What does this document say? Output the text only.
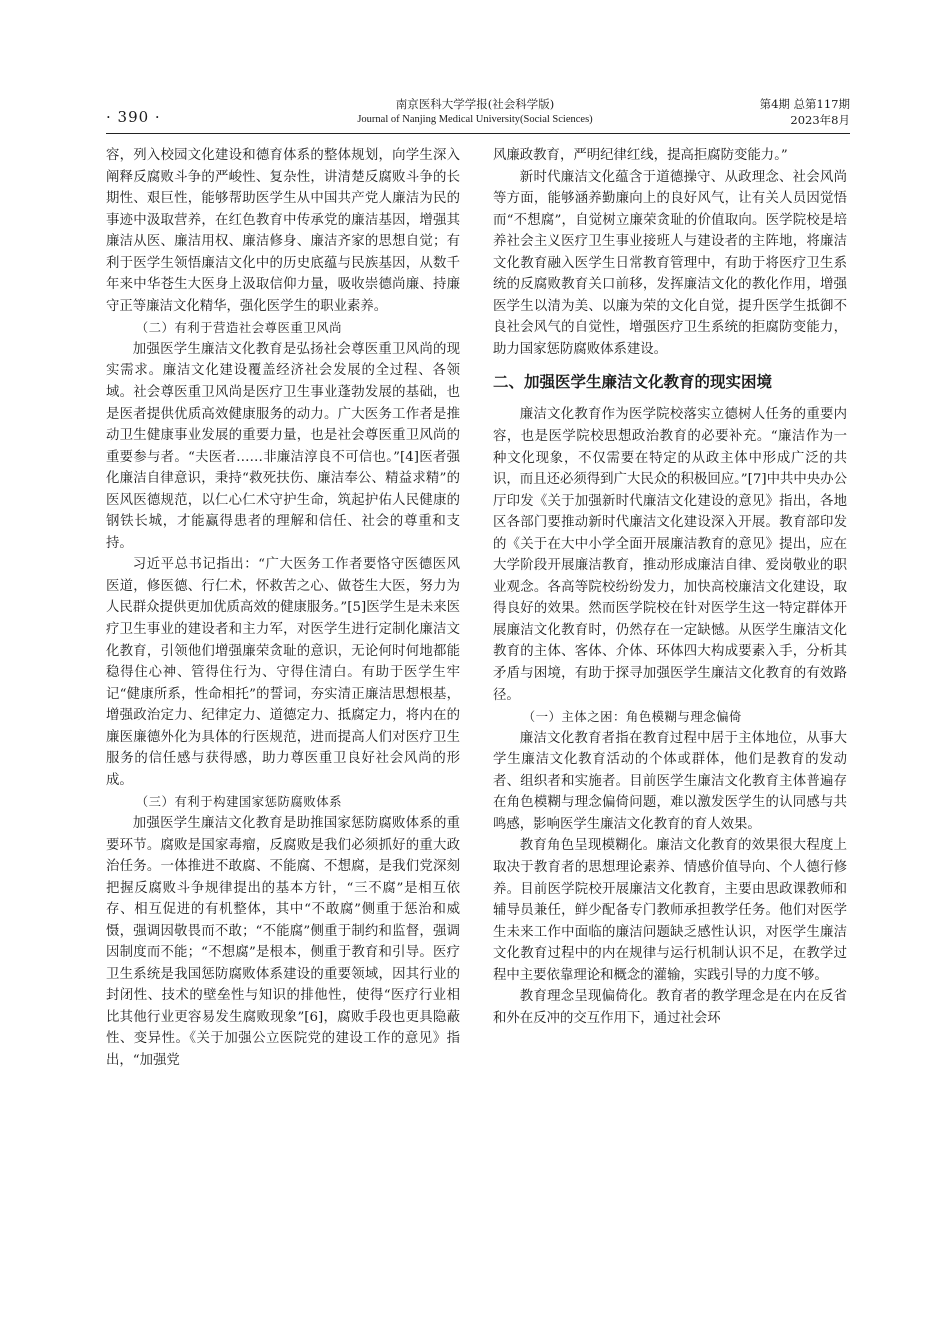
· 390 ·
南京医科大学学报(社会科学版)
Journal of Nanjing Medical University(Social Sciences)
第4期 总第117期
2023年8月

容，列入校园文化建设和德育体系的整体规划，向学生深入阐释反腐败斗争的严峻性、复杂性，讲清楚反腐败斗争的长期性、艰巨性，能够帮助医学生从中国共产党人廉洁为民的事迹中汲取营养，在红色教育中传承党的廉洁基因，增强其廉洁从医、廉洁用权、廉洁修身、廉洁齐家的思想自觉；有利于医学生领悟廉洁文化中的历史底蕴与民族基因，从数千年来中华苍生大医身上汲取信仰力量，吸收崇德尚廉、持廉守正等廉洁文化精华，强化医学生的职业素养。

（二）有利于营造社会尊医重卫风尚

加强医学生廉洁文化教育是弘扬社会尊医重卫风尚的现实需求。廉洁文化建设覆盖经济社会发展的全过程、各领域。社会尊医重卫风尚是医疗卫生事业蓬勃发展的基础，也是医者提供优质高效健康服务的动力。广大医务工作者是推动卫生健康事业发展的重要力量，也是社会尊医重卫风尚的重要参与者。“夫医者……非廉洁淳良不可信也。”[4]医者强化廉洁自律意识，秉持“救死扶伤、廉洁奉公、精益求精”的医风医德规范，以仁心仁术守护生命，筑起护佑人民健康的钢铁长城，才能赢得患者的理解和信任、社会的尊重和支持。

习近平总书记指出：“广大医务工作者要恪守医德医风医道，修医德、行仁术，怀救苦之心、做苍生大医，努力为人民群众提供更加优质高效的健康服务。”[5]医学生是未来医疗卫生事业的建设者和主力军，对医学生进行定制化廉洁文化教育，引领他们增强廉荣贪耻的意识，无论何时何地都能稳得住心神、管得住行为、守得住清白。有助于医学生牢记“健康所系，性命相托”的誓词，夯实清正廉洁思想根基，增强政治定力、纪律定力、道德定力、抵腐定力，将内在的廉医廉德外化为具体的行医规范，进而提高人们对医疗卫生服务的信任感与获得感，助力尊医重卫良好社会风尚的形成。

（三）有利于构建国家惩防腐败体系

加强医学生廉洁文化教育是助推国家惩防腐败体系的重要环节。腐败是国家毒瘤，反腐败是我们必须抓好的重大政治任务。一体推进不敢腐、不能腐、不想腐，是我们党深刻把握反腐败斗争规律提出的基本方针，“三不腐”是相互依存、相互促进的有机整体，其中“不敢腐”侧重于惩治和威慑，强调因敬畏而不敢；“不能腐”侧重于制约和监督，强调因制度而不能；“不想腐”是根本，侧重于教育和引导。医疗卫生系统是我国惩防腐败体系建设的重要领域，因其行业的封闭性、技术的壁垒性与知识的排他性，使得“医疗行业相比其他行业更容易发生腐败现象”[6]，腐败手段也更具隐蔽性、变异性。《关于加强公立医院党的建设工作的意见》指出，“加强党

风廉政教育，严明纪律红线，提高拒腐防变能力。”

新时代廉洁文化蕴含于道德操守、从政理念、社会风尚等方面，能够涵养勤廉向上的良好风气，让有关人员因觉悟而“不想腐”，自觉树立廉荣贪耻的价值取向。医学院校是培养社会主义医疗卫生事业接班人与建设者的主阵地，将廉洁文化教育融入医学生日常教育管理中，有助于将医疗卫生系统的反腐败教育关口前移，发挥廉洁文化的教化作用，增强医学生以清为美、以廉为荣的文化自觉，提升医学生抵御不良社会风气的自觉性，增强医疗卫生系统的拒腐防变能力，助力国家惩防腐败体系建设。

二、加强医学生廉洁文化教育的现实困境

廉洁文化教育作为医学院校落实立德树人任务的重要内容，也是医学院校思想政治教育的必要补充。“廉洁作为一种文化现象，不仅需要在特定的从政主体中形成广泛的共识，而且还必须得到广大民众的积极回应。”[7]中共中央办公厅印发《关于加强新时代廉洁文化建设的意见》指出，各地区各部门要推动新时代廉洁文化建设深入开展。教育部印发的《关于在大中小学全面开展廉洁教育的意见》提出，应在大学阶段开展廉洁教育，推动形成廉洁自律、爱岗敬业的职业观念。各高等院校纷纷发力，加快高校廉洁文化建设，取得良好的效果。然而医学院校在针对医学生这一特定群体开展廉洁文化教育时，仍然存在一定缺憾。从医学生廉洁文化教育的主体、客体、介体、环体四大构成要素入手，分析其矛盾与困境，有助于探寻加强医学生廉洁文化教育的有效路径。

（一）主体之困：角色模糊与理念偏倚

廉洁文化教育者指在教育过程中居于主体地位，从事大学生廉洁文化教育活动的个体或群体，他们是教育的发动者、组织者和实施者。目前医学生廉洁文化教育主体普遍存在角色模糊与理念偏倚问题，难以激发医学生的认同感与共鸣感，影响医学生廉洁文化教育的育人效果。

教育角色呈现模糊化。廉洁文化教育的效果很大程度上取决于教育者的思想理论素养、情感价值导向、个人德行修养。目前医学院校开展廉洁文化教育，主要由思政课教师和辅导员兼任，鲜少配备专门教师承担教学任务。他们对医学生未来工作中面临的廉洁问题缺乏感性认识，对医学生廉洁文化教育过程中的内在规律与运行机制认识不足，在教学过程中主要依靠理论和概念的灌输，实践引导的力度不够。

教育理念呈现偏倚化。教育者的教学理念是在内在反省和外在反冲的交互作用下，通过社会环
